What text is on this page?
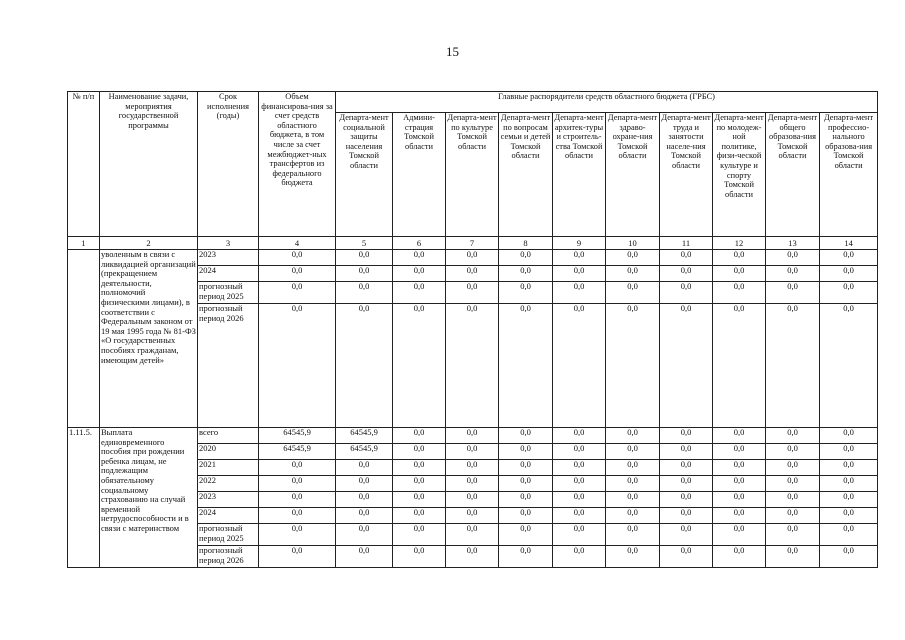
15
№ п/п	Наименование задачи, мероприятия государственной программы	Срок исполнения (годы)	Объем финансирова-ния за счет средств областного бюджета, в том числе за счет межбюджет-ных трансфертов из федерального бюджета	Главные распорядители средств областного бюджета (ГРБС)									
				Департа-мент социальной защиты населения Томской области	Админи-страция Томской области	Департа-мент по культуре Томской области	Департа-мент по вопросам семьи и детей Томской области	Департа-мент архитек-туры и строитель-ства Томской области	Департа-мент здраво-охране-ния Томской области	Департа-мент труда и занятости населе-ния Томской области	Департа-мент по молодеж-ной политике, физи-ческой культуре и спорту Томской области	Департа-мент общего образова-ния Томской области	Департа-мент профессио-нального образова-ния Томской области
1	2	3	4	5	6	7	8	9	10	11	12	13	14
	уволенным в связи с ликвидацией организаций (прекращением деятельности, полномочий физическими лицами), в соответствии с Федеральным законом от 19 мая 1995 года № 81-ФЗ «О государственных пособиях гражданам, имеющим детей»	2023	0,0	0,0	0,0	0,0	0,0	0,0	0,0	0,0	0,0	0,0	0,0
		2024	0,0	0,0	0,0	0,0	0,0	0,0	0,0	0,0	0,0	0,0	0,0
		прогнозный период 2025	0,0	0,0	0,0	0,0	0,0	0,0	0,0	0,0	0,0	0,0	0,0
		прогнозный период 2026	0,0	0,0	0,0	0,0	0,0	0,0	0,0	0,0	0,0	0,0	0,0
1.11.5.	Выплата единовременного пособия при рождении ребенка лицам, не подлежащим обязательному социальному страхованию на случай временной нетрудоспособности и в связи с материнством	всего	64545,9	64545,9	0,0	0,0	0,0	0,0	0,0	0,0	0,0	0,0	0,0
		2020	64545,9	64545,9	0,0	0,0	0,0	0,0	0,0	0,0	0,0	0,0	0,0
		2021	0,0	0,0	0,0	0,0	0,0	0,0	0,0	0,0	0,0	0,0	0,0
		2022	0,0	0,0	0,0	0,0	0,0	0,0	0,0	0,0	0,0	0,0	0,0
		2023	0,0	0,0	0,0	0,0	0,0	0,0	0,0	0,0	0,0	0,0	0,0
		2024	0,0	0,0	0,0	0,0	0,0	0,0	0,0	0,0	0,0	0,0	0,0
		прогнозный период 2025	0,0	0,0	0,0	0,0	0,0	0,0	0,0	0,0	0,0	0,0	0,0
		прогнозный период 2026	0,0	0,0	0,0	0,0	0,0	0,0	0,0	0,0	0,0	0,0	0,0
